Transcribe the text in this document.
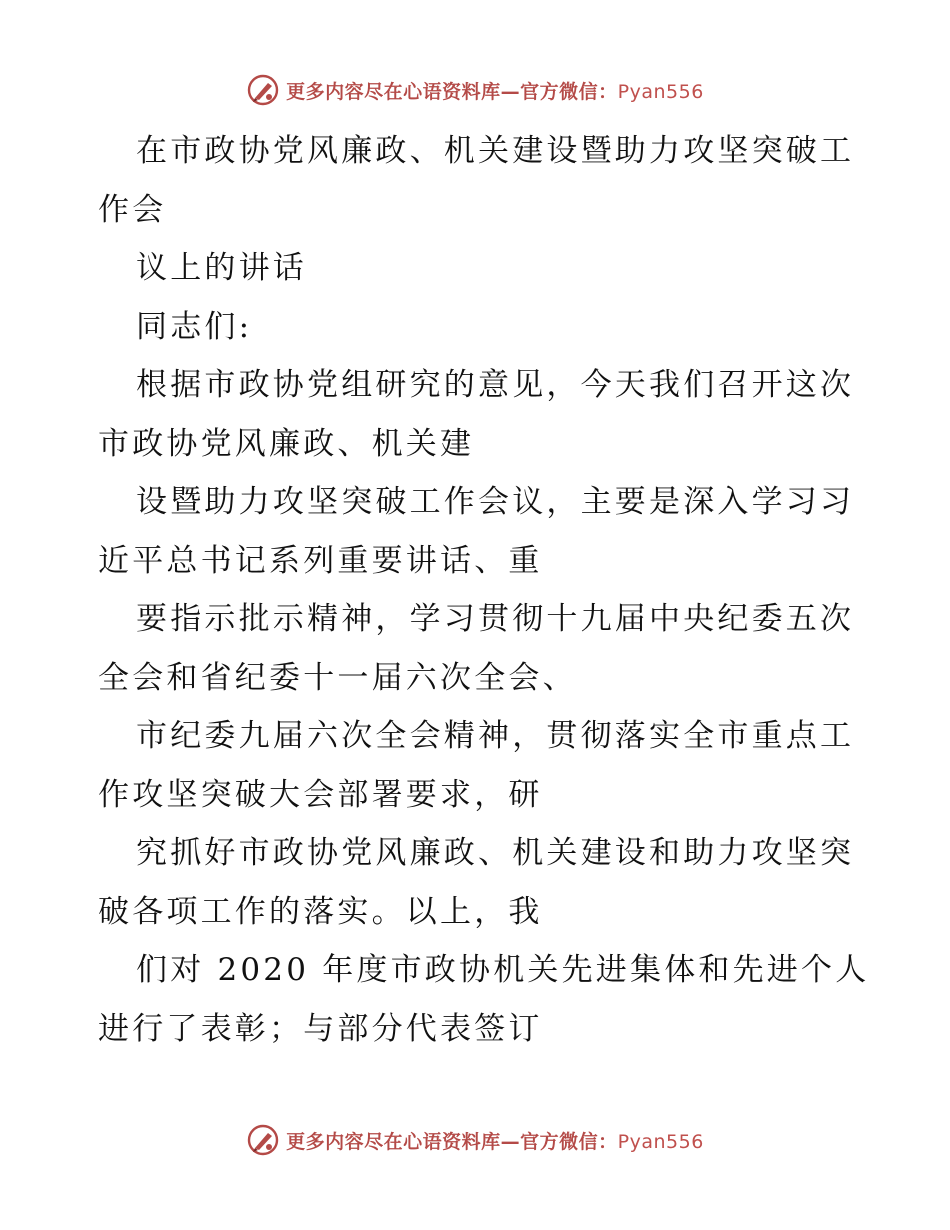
更多内容尽在心语资料库—官方微信：Pyan556
在市政协党风廉政、机关建设暨助力攻坚突破工
作会
议上的讲话
同志们:
根据市政协党组研究的意见，今天我们召开这次
市政协党风廉政、机关建
设暨助力攻坚突破工作会议，主要是深入学习习
近平总书记系列重要讲话、重
要指示批示精神，学习贯彻十九届中央纪委五次
全会和省纪委十一届六次全会、
市纪委九届六次全会精神，贯彻落实全市重点工
作攻坚突破大会部署要求，研
究抓好市政协党风廉政、机关建设和助力攻坚突
破各项工作的落实。以上，我
们对 2020 年度市政协机关先进集体和先进个人
进行了表彰；与部分代表签订
更多内容尽在心语资料库—官方微信：Pyan556
